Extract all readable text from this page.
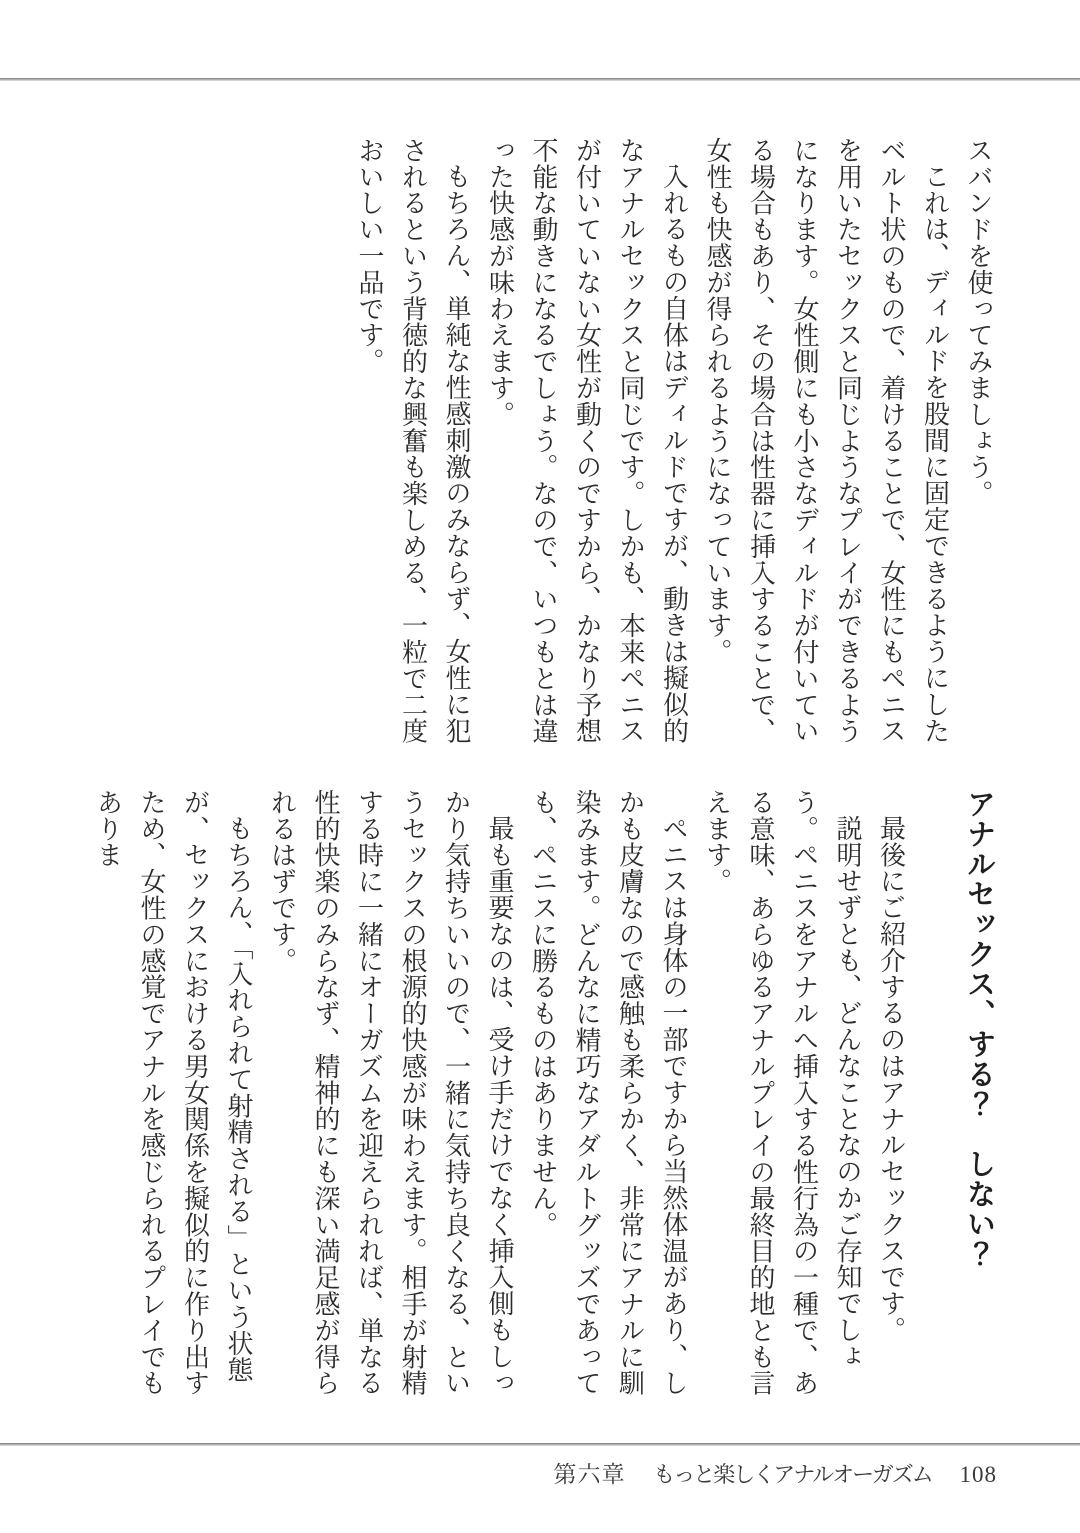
スバンドを使ってみましょう。

これは、ディルドを股間に固定できるようにしたベルト状のもので、着けることで、女性にもペニスを用いたセックスと同じようなプレイができるようになります。女性側にも小さなディルドが付いている場合もあり、その場合は性器に挿入することで、女性も快感が得られるようになっています。

入れるもの自体はディルドですが、動きは擬似的なアナルセックスと同じです。しかも、本来ペニスが付いていない女性が動くのですから、かなり予想不能な動きになるでしょう。なので、いつもとは違った快感が味わえます。

もちろん、単純な性感刺激のみならず、女性に犯されるという背徳的な興奮も楽しめる、一粒で二度おいしい一品です。

アナルセックス、する？　しない？

最後にご紹介するのはアナルセックスです。

説明せずとも、どんなことなのかご存知でしょう。ペニスをアナルへ挿入する性行為の一種で、ある意味、あらゆるアナルプレイの最終目的地とも言えます。

ペニスは身体の一部ですから当然体温があり、しかも皮膚なので感触も柔らかく、非常にアナルに馴染みます。どんなに精巧なアダルトグッズであっても、ペニスに勝るものはありません。

最も重要なのは、受け手だけでなく挿入側もしっかり気持ちいいので、一緒に気持ち良くなる、というセックスの根源的快感が味わえます。相手が射精する時に一緒にオーガズムを迎えられれば、単なる性的快楽のみらなず、精神的にも深い満足感が得られるはずです。

もちろん、「入れられて射精される」という状態が、セックスにおける男女関係を擬似的に作り出すため、女性の感覚でアナルを感じられるプレイでもありま

第六章 もっと楽しくアナルオーガズム 108
